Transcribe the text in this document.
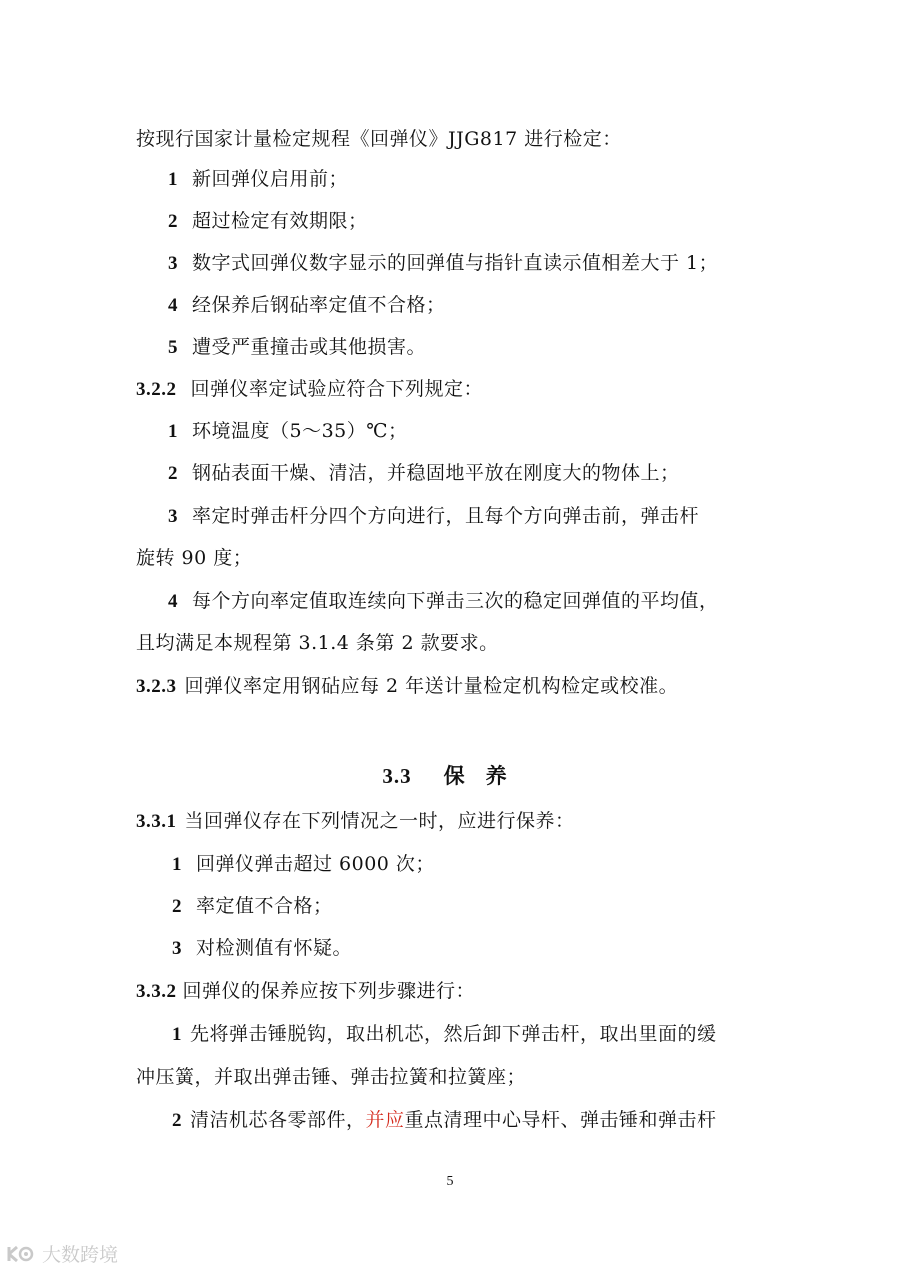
按现行国家计量检定规程《回弹仪》JJG817 进行检定：
1 新回弹仪启用前；
2 超过检定有效期限；
3 数字式回弹仪数字显示的回弹值与指针直读示值相差大于 1；
4 经保养后钢砧率定值不合格；
5 遭受严重撞击或其他损害。
3.2.2 回弹仪率定试验应符合下列规定：
1 环境温度（5～35）℃；
2 钢砧表面干燥、清洁，并稳固地平放在刚度大的物体上；
3 率定时弹击杆分四个方向进行，且每个方向弹击前，弹击杆
旋转 90 度；
4 每个方向率定值取连续向下弹击三次的稳定回弹值的平均值，
且均满足本规程第 3.1.4 条第 2 款要求。
3.2.3 回弹仪率定用钢砧应每 2 年送计量检定机构检定或校准。
3.3 保 养
3.3.1 当回弹仪存在下列情况之一时，应进行保养：
1 回弹仪弹击超过 6000 次；
2 率定值不合格；
3 对检测值有怀疑。
3.3.2 回弹仪的保养应按下列步骤进行：
1 先将弹击锤脱钩，取出机芯，然后卸下弹击杆，取出里面的缓
冲压簧，并取出弹击锤、弹击拉簧和拉簧座；
2 清洁机芯各零部件，并应重点清理中心导杆、弹击锤和弹击杆
5
大数跨境
